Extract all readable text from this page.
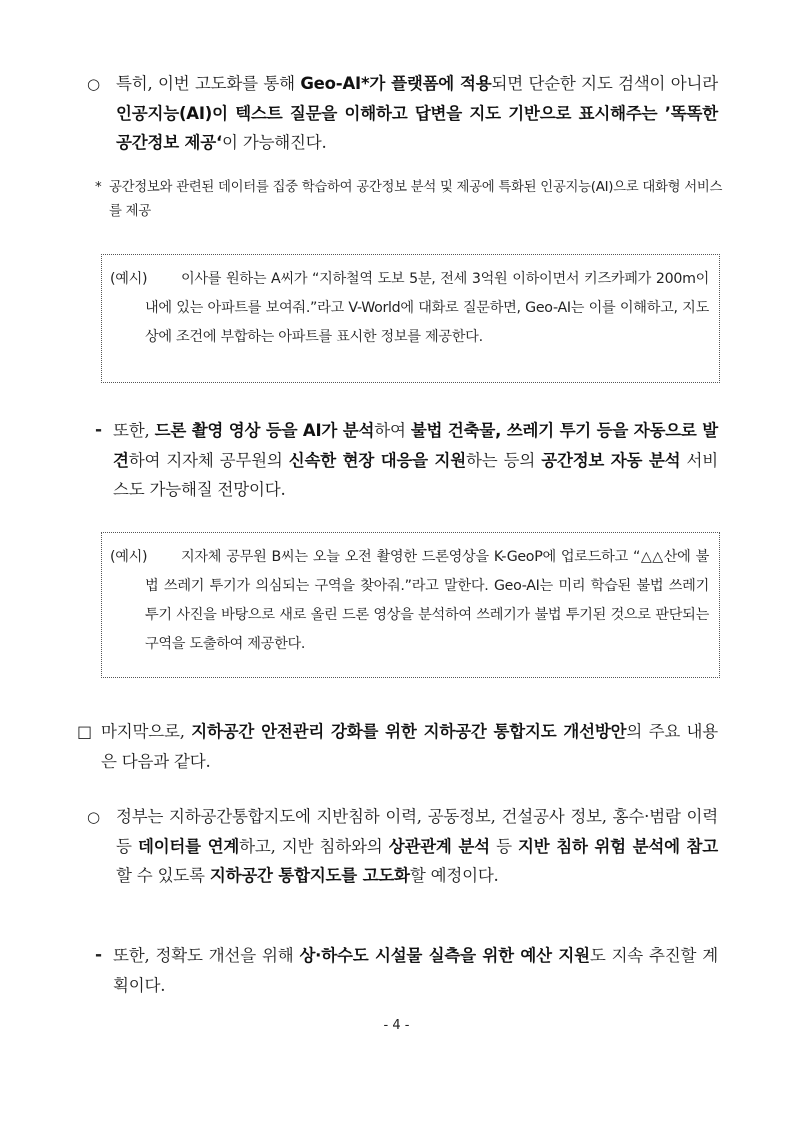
○ 특히, 이번 고도화를 통해 Geo-AI*가 플랫폼에 적용되면 단순한 지도 검색이 아니라 인공지능(AI)이 텍스트 질문을 이해하고 답변을 지도 기반으로 표시해주는 ’똑똑한 공간정보 제공‘이 가능해진다.
* 공간정보와 관련된 데이터를 집중 학습하여 공간정보 분석 및 제공에 특화된 인공지능(AI)으로 대화형 서비스를 제공
(예시)	이사를 원하는 A씨가 “지하철역 도보 5분, 전세 3억원 이하이면서 키즈카페가 200m이내에 있는 아파트를 보여줘.”라고 V-World에 대화로 질문하면, Geo-AI는 이를 이해하고, 지도 상에 조건에 부합하는 아파트를 표시한 정보를 제공한다.
- 또한, 드론 촬영 영상 등을 AI가 분석하여 불법 건축물, 쓰레기 투기 등을 자동으로 발견하여 지자체 공무원의 신속한 현장 대응을 지원하는 등의 공간정보 자동 분석 서비스도 가능해질 전망이다.
(예시)	지자체 공무원 B씨는 오늘 오전 촬영한 드론영상을 K-GeoP에 업로드하고 “△△산에 불법 쓰레기 투기가 의심되는 구역을 찾아줘.”라고 말한다. Geo-AI는 미리 학습된 불법 쓰레기 투기 사진을 바탕으로 새로 올린 드론 영상을 분석하여 쓰레기가 불법 투기된 것으로 판단되는 구역을 도출하여 제공한다.
□ 마지막으로, 지하공간 안전관리 강화를 위한 지하공간 통합지도 개선방안의 주요 내용은 다음과 같다.
○ 정부는 지하공간통합지도에 지반침하 이력, 공동정보, 건설공사 정보, 홍수·범람 이력 등 데이터를 연계하고, 지반 침하와의 상관관계 분석 등 지반 침하 위험 분석에 참고할 수 있도록 지하공간 통합지도를 고도화할 예정이다.
- 또한, 정확도 개선을 위해 상·하수도 시설물 실측을 위한 예산 지원도 지속 추진할 계획이다.
- 4 -
